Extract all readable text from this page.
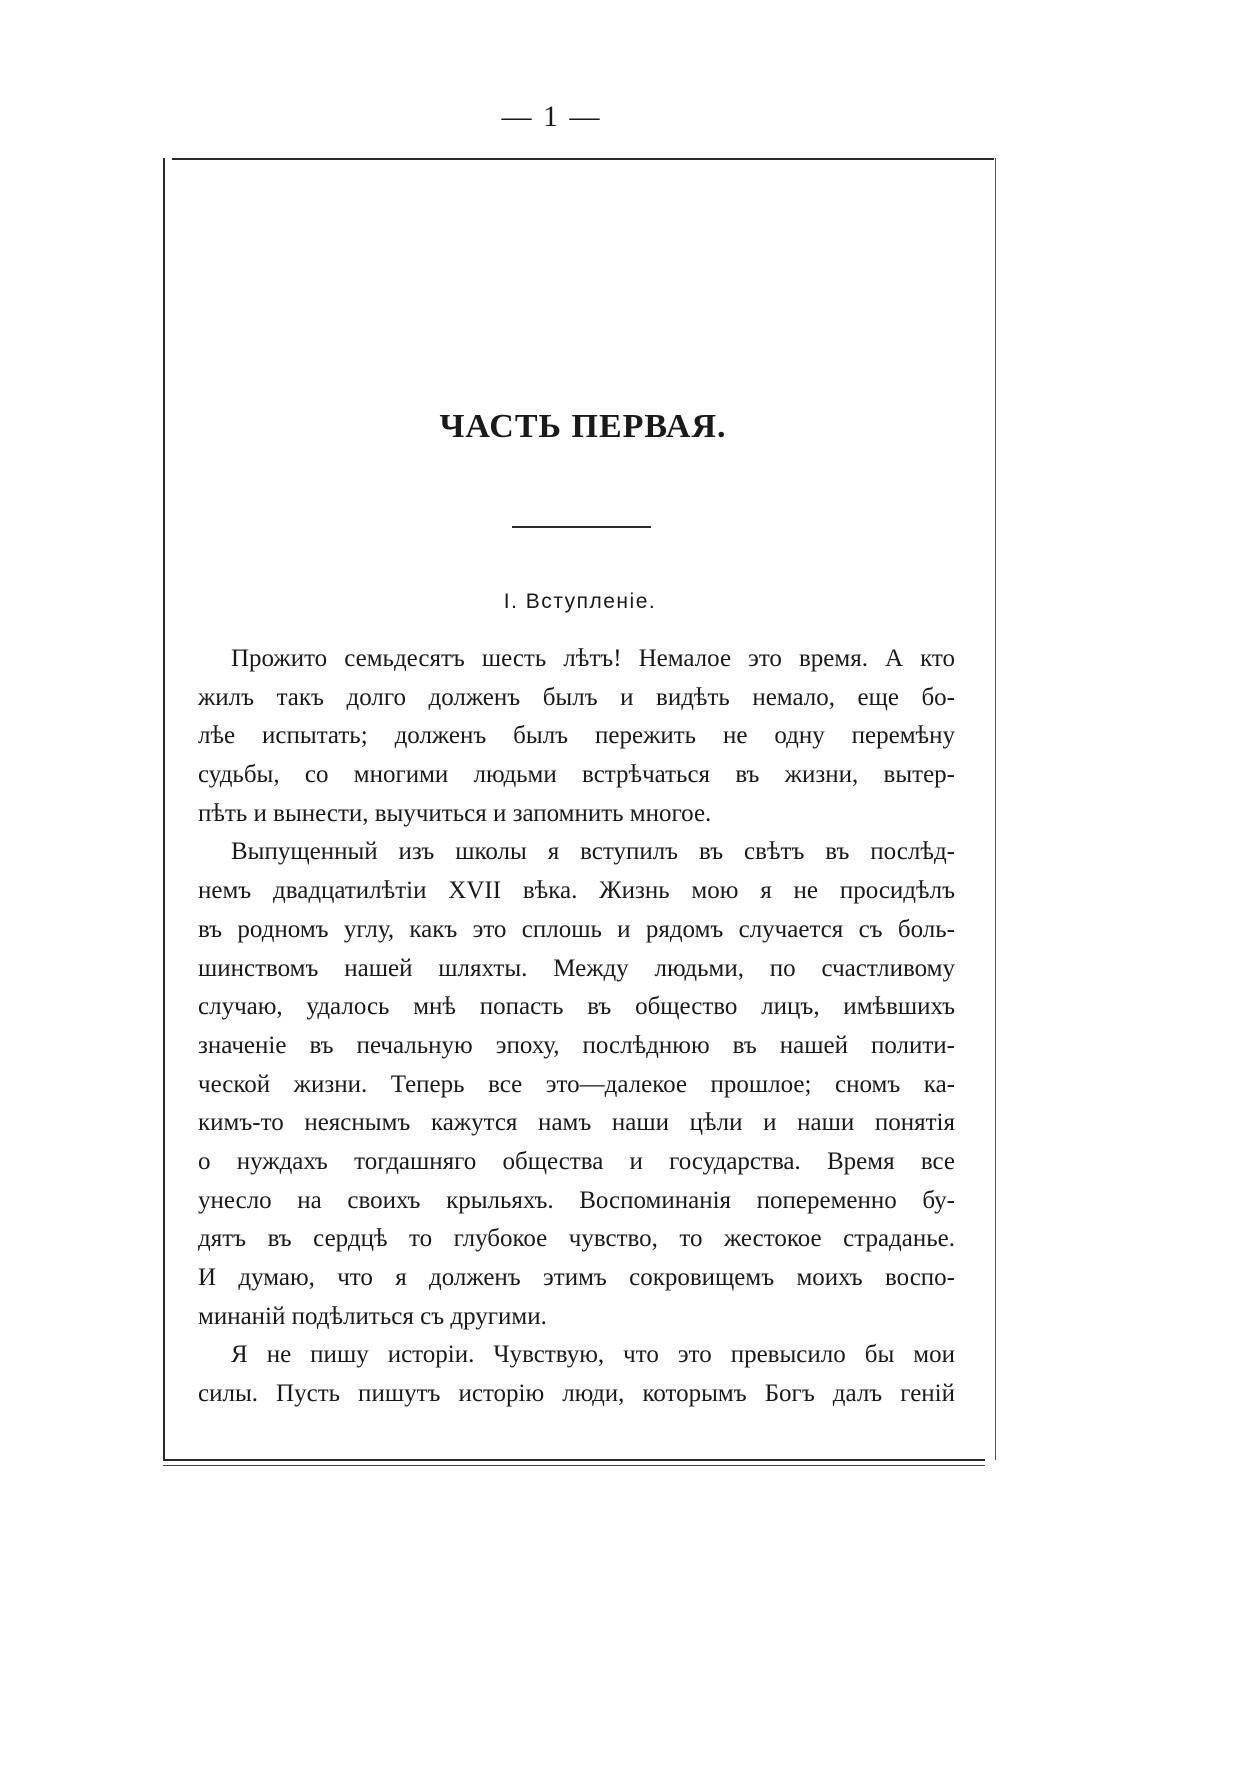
— 1 —
ЧАСТЬ ПЕРВАЯ.
I. Вступленіе.
Прожито семьдесятъ шесть лѣтъ! Немалое это время. А кто
жилъ такъ долго долженъ былъ и видѣть немало, еще бо-
лѣе испытать; долженъ былъ пережить не одну перемѣну
судьбы, со многими людьми встрѣчаться въ жизни, вытер-
пѣть и вынести, выучиться и запомнить многое.
Выпущенный изъ школы я вступилъ въ свѣтъ въ послѣд-
немъ двадцатилѣтіи XVII вѣка. Жизнь мою я не просидѣлъ
въ родномъ углу, какъ это сплошь и рядомъ случается съ боль-
шинствомъ нашей шляхты. Между людьми, по счастливому
случаю, удалось мнѣ попасть въ общество лицъ, имѣвшихъ
значеніе въ печальную эпоху, послѣднюю въ нашей полити-
ческой жизни. Теперь все это—далекое прошлое; сномъ ка-
кимъ-то неяснымъ кажутся намъ наши цѣли и наши понятія
о нуждахъ тогдашняго общества и государства. Время все
унесло на своихъ крыльяхъ. Воспоминанія попеременно бу-
дятъ въ сердцѣ то глубокое чувство, то жестокое страданье.
И думаю, что я долженъ этимъ сокровищемъ моихъ воспо-
минаній подѣлиться съ другими.
Я не пишу исторіи. Чувствую, что это превысило бы мои
силы. Пусть пишутъ исторію люди, которымъ Богъ далъ геній
